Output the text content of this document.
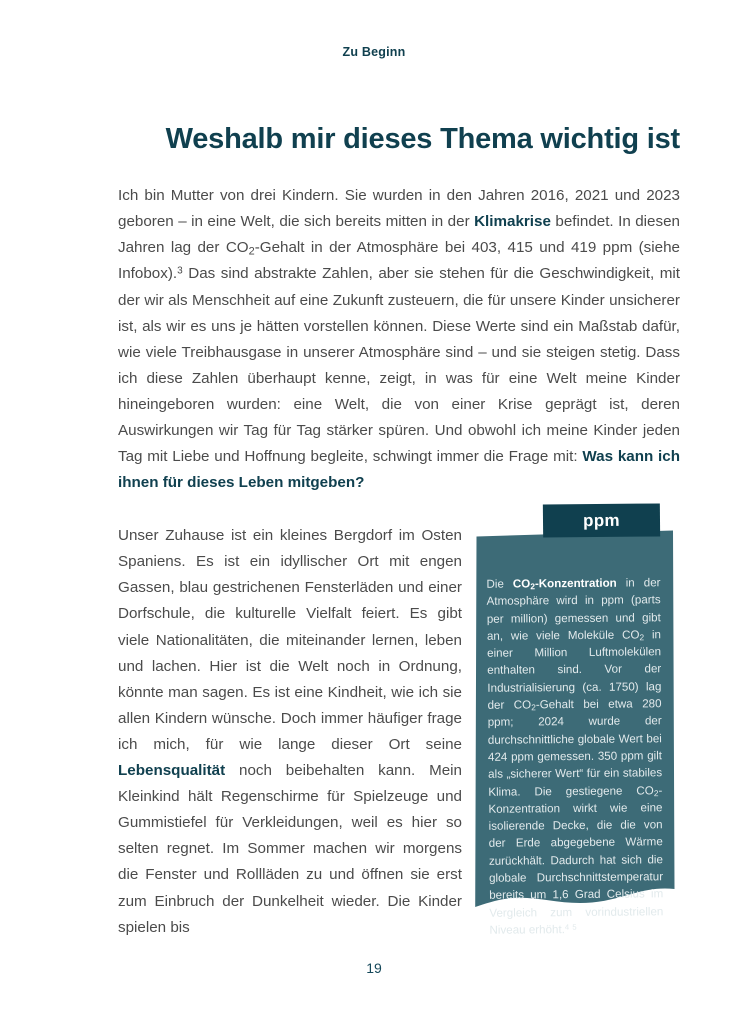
Zu Beginn
Weshalb mir dieses Thema wichtig ist

Ich bin Mutter von drei Kindern. Sie wurden in den Jahren 2016, 2021 und 2023 geboren – in eine Welt, die sich bereits mitten in der Klimakrise befindet. In diesen Jahren lag der $CO_2$-Gehalt in der Atmosphäre bei 403, 415 und 419 ppm (siehe Infobox).$^3$ Das sind abstrakte Zahlen, aber sie stehen für die Geschwindigkeit, mit der wir als Menschheit auf eine Zukunft zusteuern, die für unsere Kinder unsicherer ist, als wir es uns je hätten vorstellen können. Diese Werte sind ein Maßstab dafür, wie viele Treibhausgase in unserer Atmosphäre sind – und sie steigen stetig. Dass ich diese Zahlen überhaupt kenne, zeigt, in was für eine Welt meine Kinder hineingeboren wurden: eine Welt, die von einer Krise geprägt ist, deren Auswirkungen wir Tag für Tag stärker spüren. Und obwohl ich meine Kinder jeden Tag mit Liebe und Hoffnung begleite, schwingt immer die Frage mit: Was kann ich ihnen für dieses Leben mitgeben?

Unser Zuhause ist ein kleines Bergdorf im Osten Spaniens. Es ist ein idyllischer Ort mit engen Gassen, blau gestrichenen Fensterläden und einer Dorfschule, die kulturelle Vielfalt feiert. Es gibt viele Nationalitäten, die miteinander lernen, leben und lachen. Hier ist die Welt noch in Ordnung, könnte man sagen. Es ist eine Kindheit, wie ich sie allen Kindern wünsche. Doch immer häufiger frage ich mich, für wie lange dieser Ort seine Lebensqualität noch beibehalten kann. Mein Kleinkind hält Regenschirme für Spielzeuge und Gummistiefel für Verkleidungen, weil es hier so selten regnet. Im Sommer machen wir morgens die Fenster und Rollläden zu und öffnen sie erst zum Einbruch der Dunkelheit wieder. Die Kinder spielen bis

ppm
Die $CO_2$-Konzentration in der Atmosphäre wird in ppm (parts per million) gemessen und gibt an, wie viele Moleküle $CO_2$ in einer Million Luftmolekülen enthalten sind. Vor der Industrialisierung (ca. 1750) lag der $CO_2$-Gehalt bei etwa 280 ppm; 2024 wurde der durchschnittliche globale Wert bei 424 ppm gemessen. 350 ppm gilt als „sicherer Wert“ für ein stabiles Klima. Die gestiegene $CO_2$-Konzentration wirkt wie eine isolierende Decke, die die von der Erde abgegebene Wärme zurückhält. Dadurch hat sich die globale Durchschnittstemperatur bereits um 1,6 Grad Celsius im Vergleich zum vorindustriellen Niveau erhöht.$^4$ $^5$
19
